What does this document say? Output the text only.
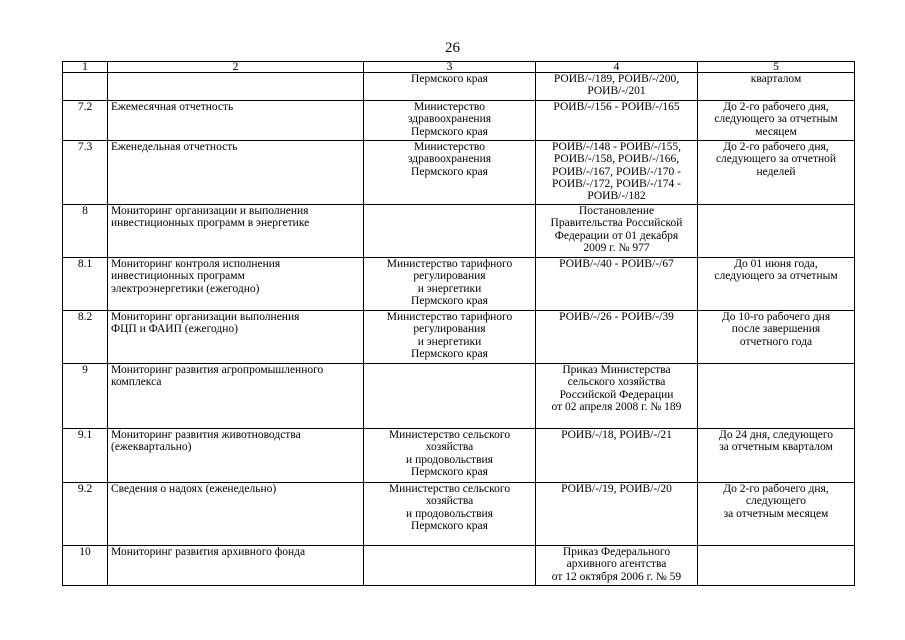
26
1	2	3	4	5

		Пермского края	РОИВ/-/189, РОИВ/-/200,
РОИВ/-/201	кварталом

7.2	Ежемесячная отчетность	Министерство
здравоохранения
Пермского края	РОИВ/-/156 - РОИВ/-/165	До 2-го рабочего дня,
следующего за отчетным
месяцем

7.3	Еженедельная отчетность	Министерство
здравоохранения
Пермского края	РОИВ/-/148 - РОИВ/-/155,
РОИВ/-/158, РОИВ/-/166,
РОИВ/-/167, РОИВ/-/170 -
РОИВ/-/172, РОИВ/-/174 -
РОИВ/-/182	До 2-го рабочего дня,
следующего за отчетной
неделей

8	Мониторинг организации и выполнения
инвестиционных программ в энергетике		Постановление
Правительства Российской
Федерации от 01 декабря
2009 г. № 977	

8.1	Мониторинг контроля исполнения
инвестиционных программ
электроэнергетики (ежегодно)	Министерство тарифного
регулирования
и энергетики
Пермского края	РОИВ/-/40 - РОИВ/-/67	До 01 июня года,
следующего за отчетным

8.2	Мониторинг организации выполнения
ФЦП и ФАИП (ежегодно)	Министерство тарифного
регулирования
и энергетики
Пермского края	РОИВ/-/26 - РОИВ/-/39	До 10-го рабочего дня
после завершения
отчетного года

9	Мониторинг развития агропромышленного
комплекса		Приказ Министерства
сельского хозяйства
Российской Федерации
от 02 апреля 2008 г. № 189	

9.1	Мониторинг развития животноводства
(ежеквартально)	Министерство сельского
хозяйства
и продовольствия
Пермского края	РОИВ/-/18, РОИВ/-/21	До 24 дня, следующего
за отчетным кварталом

9.2	Сведения о надоях (еженедельно)	Министерство сельского
хозяйства
и продовольствия
Пермского края	РОИВ/-/19, РОИВ/-/20	До 2-го рабочего дня,
следующего
за отчетным месяцем

10	Мониторинг развития архивного фонда		Приказ Федерального
архивного агентства
от 12 октября 2006 г. № 59	
